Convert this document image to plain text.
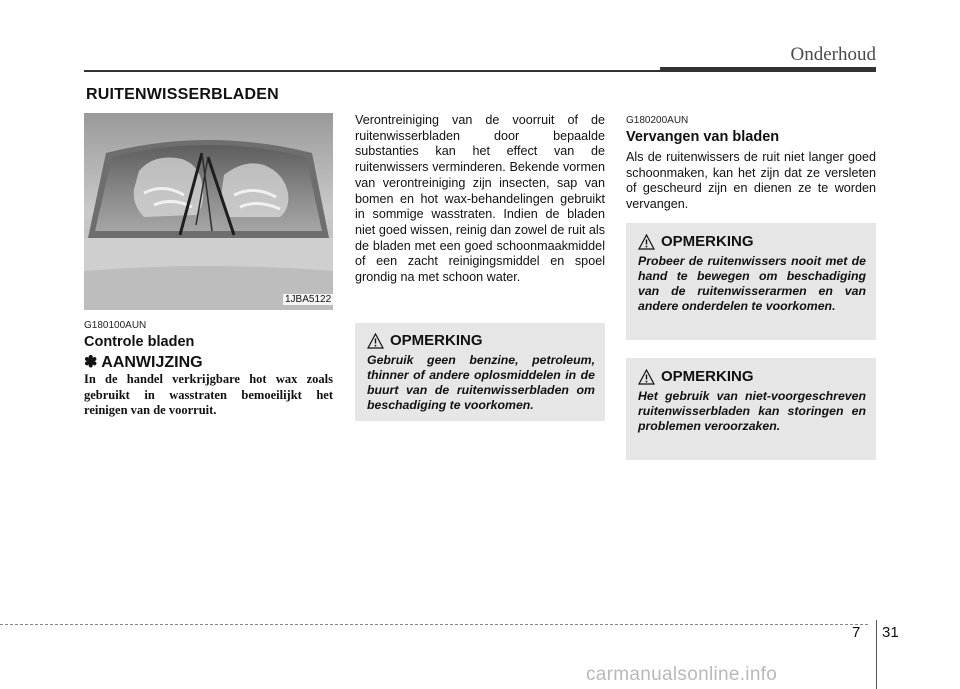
Onderhoud
RUITENWISSERBLADEN
1JBA5122
G180100AUN
Controle bladen
✽ AANWIJZING
In de handel verkrijgbare hot wax zoals gebruikt in wasstraten bemoeilijkt het reinigen van de voorruit.
Verontreiniging van de voorruit of de ruitenwisserbladen door bepaalde substanties kan het effect van de ruitenwissers verminderen. Bekende vormen van verontreiniging zijn insecten, sap van bomen en hot wax-behandelingen gebruikt in sommige wasstraten. Indien de bladen niet goed wissen, reinig dan zowel de ruit als de bladen met een goed schoonmaakmiddel of een zacht reinigingsmiddel en spoel grondig na met schoon water.
OPMERKING
Gebruik geen benzine, petroleum, thinner of andere oplosmiddelen in de buurt van de ruitenwisserbladen om beschadiging te voorkomen.
G180200AUN
Vervangen van bladen
Als de ruitenwissers de ruit niet langer goed schoonmaken, kan het zijn dat ze versleten of gescheurd zijn en dienen ze te worden vervangen.
OPMERKING
Probeer de ruitenwissers nooit met de hand te bewegen om beschadiging van de ruitenwisserarmen en van andere onderdelen te voorkomen.
OPMERKING
Het gebruik van niet-voorgeschreven ruitenwisserbladen kan storingen en problemen veroorzaken.
7 31
carmanualsonline.info
